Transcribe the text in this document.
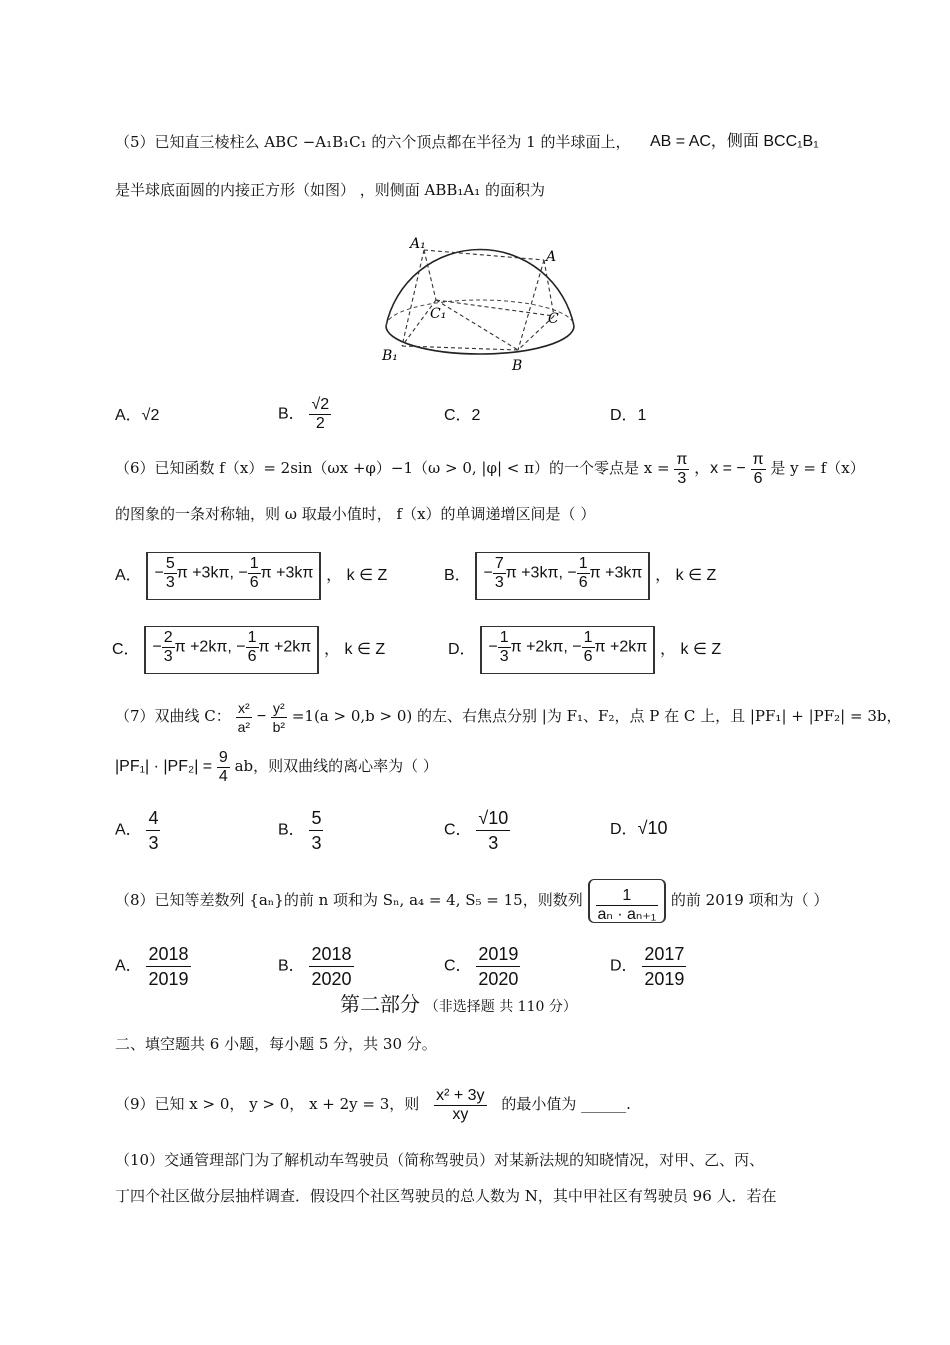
（5）已知直三棱柱么 ABC −A₁B₁C₁ 的六个顶点都在半径为 1 的半球面上， AB = AC，侧面 BCC₁B₁
是半球底面圆的内接正方形（如图） ，则侧面 ABB₁A₁ 的面积为
A₁
A
C₁	C
B₁
B
A．√2	B． $\frac{√2}{2}$	C．2	D．1
（6）已知函数 f（x）= 2sin（ωx +φ）−1（ω > 0, |φ| < π）的一个零点是 $x = \frac{\pi}{3}$ ，x = − $\frac{\pi}{6}$ 是 y = f（x）
的图象的一条对称轴，则 ω 取最小值时， f（x）的单调递增区间是（ ）
A． − $\frac{5}{3}$ π +3kπ, − $\frac{1}{6}$ π +3kπ ， k ∈ Z	B． − $\frac{7}{3}$ π +3kπ, − $\frac{1}{6}$ π +3kπ ， k ∈ Z
C． − $\frac{2}{3}$ π +2kπ, − $\frac{1}{6}$ π +2kπ ， k ∈ Z	D． − $\frac{1}{3}$ π +2kπ, − $\frac{1}{6}$ π +2kπ ， k ∈ Z
（7）双曲线 C： $\frac{\text{x²}}{\text{a²}} - \frac{\text{y²}}{\text{b²}} =1(a > 0,b > 0)$ 的左、右焦点分别 |为 F₁、F₂，点 P 在 C 上，且 |PF₁| + |PF₂| = 3b，
$|PF_1| \cdot |PF_2| = \frac{9}{4}$ ab，则双曲线的离心率为（ ）
A． $\frac{4}{3}$	B． $\frac{5}{3}$	C． $\frac{√10}{3}$	D．√10
（8）已知等差数列 {aₙ}的前 n 项和为 Sₙ, a₄ = 4, S₅ = 15，则数列 $\frac{1}{\text{aₙ · aₙ₊₁}}$ 的前 2019 项和为（ ）
A． $\frac{2018}{2019}$	B． $\frac{2018}{2020}$	C． $\frac{2019}{2020}$	D． $\frac{2017}{2019}$
第二部分 （非选择题 共 110 分）
二、填空题共 6 小题，每小题 5 分，共 30 分。
（9）已知 x > 0， y > 0， x + 2y = 3，则 $\frac{\text{x² + 3y}}{xy}$ 的最小值为 ______.
（10）交通管理部门为了解机动车驾驶员（简称驾驶员）对某新法规的知晓情况，对甲、乙、丙、
丁四个社区做分层抽样调查．假设四个社区驾驶员的总人数为 N，其中甲社区有驾驶员 96 人．若在
